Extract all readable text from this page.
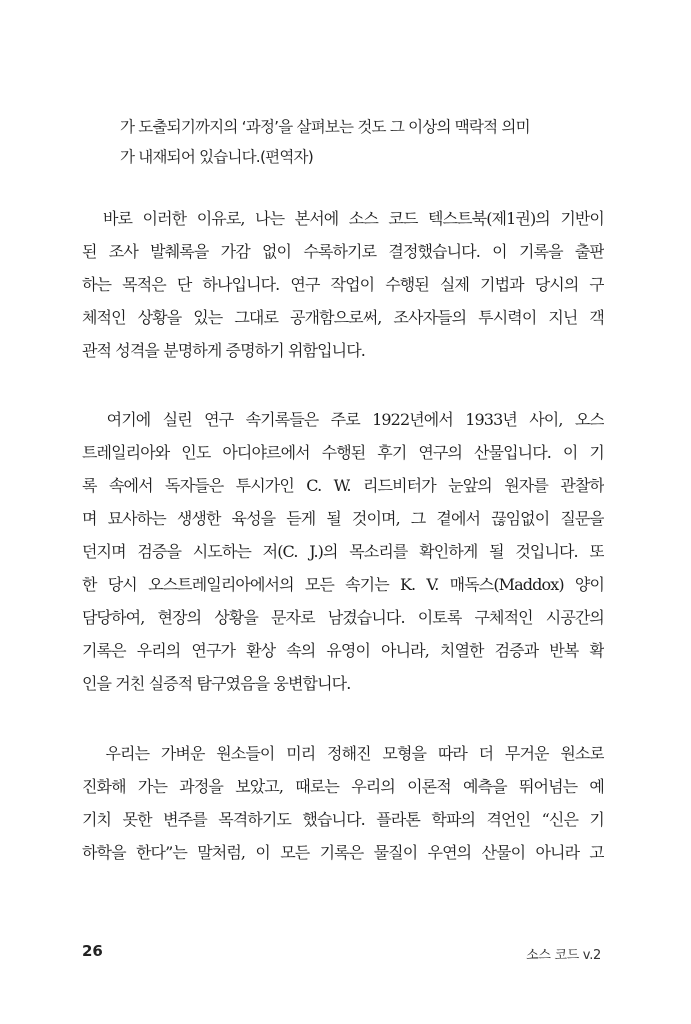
가 도출되기까지의 ‘과정’을 살펴보는 것도 그 이상의 맥락적 의미
가 내재되어 있습니다.(편역자)
바로 이러한 이유로, 나는 본서에 소스 코드 텍스트북(제1권)의 기반이
된 조사 발췌록을 가감 없이 수록하기로 결정했습니다. 이 기록을 출판
하는 목적은 단 하나입니다. 연구 작업이 수행된 실제 기법과 당시의 구
체적인 상황을 있는 그대로 공개함으로써, 조사자들의 투시력이 지닌 객
관적 성격을 분명하게 증명하기 위함입니다.
여기에 실린 연구 속기록들은 주로 1922년에서 1933년 사이, 오스
트레일리아와 인도 아디야르에서 수행된 후기 연구의 산물입니다. 이 기
록 속에서 독자들은 투시가인 C. W. 리드비터가 눈앞의 원자를 관찰하
며 묘사하는 생생한 육성을 듣게 될 것이며, 그 곁에서 끊임없이 질문을
던지며 검증을 시도하는 저(C. J.)의 목소리를 확인하게 될 것입니다. 또
한 당시 오스트레일리아에서의 모든 속기는 K. V. 매독스(Maddox) 양이
담당하여, 현장의 상황을 문자로 남겼습니다. 이토록 구체적인 시공간의
기록은 우리의 연구가 환상 속의 유영이 아니라, 치열한 검증과 반복 확
인을 거친 실증적 탐구였음을 웅변합니다.
우리는 가벼운 원소들이 미리 정해진 모형을 따라 더 무거운 원소로
진화해 가는 과정을 보았고, 때로는 우리의 이론적 예측을 뛰어넘는 예
기치 못한 변주를 목격하기도 했습니다. 플라톤 학파의 격언인 “신은 기
하학을 한다”는 말처럼, 이 모든 기록은 물질이 우연의 산물이 아니라 고
26	소스 코드 v.2
